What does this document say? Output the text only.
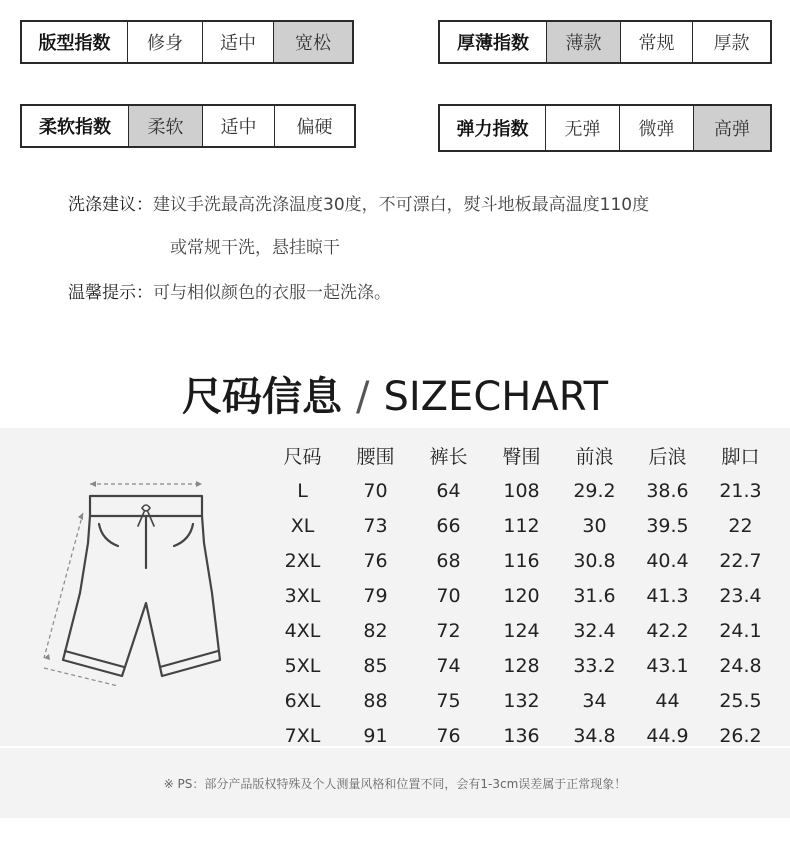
版型指数	修身	适中	宽松	厚薄指数	薄款	常规	厚款
柔软指数	柔软	适中	偏硬	弹力指数	无弹	微弹	高弹
洗涤建议：建议手洗最高洗涤温度30度，不可漂白，熨斗地板最高温度110度
或常规干洗，悬挂晾干
温馨提示：可与相似颜色的衣服一起洗涤。
尺码信息 / SIZECHART
※ PS：部分产品版权特殊及个人测量风格和位置不同，会有1-3cm误差属于正常现象！
尺码	腰围	裤长	臀围	前浪	后浪	脚口
L	70	64	108	29.2	38.6	21.3
XL	73	66	112	30	39.5	22
2XL	76	68	116	30.8	40.4	22.7
3XL	79	70	120	31.6	41.3	23.4
4XL	82	72	124	32.4	42.2	24.1
5XL	85	74	128	33.2	43.1	24.8
6XL	88	75	132	34	44	25.5
7XL	91	76	136	34.8	44.9	26.2
